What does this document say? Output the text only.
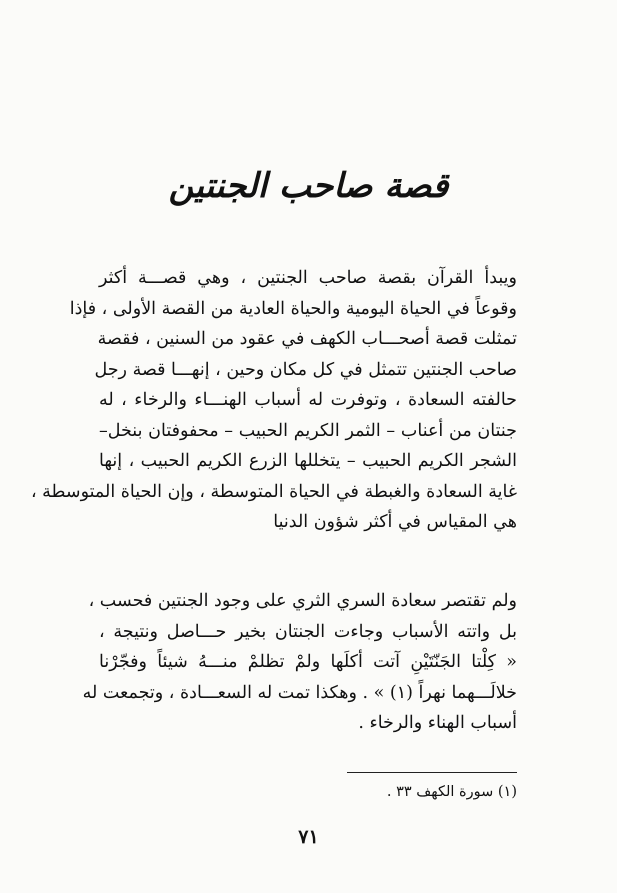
قصة صاحب الجنتين
ويبدأ القرآن بقصة صاحب الجنتين ، وهي قصـــة أكثر
وقوعاً في الحياة اليومية والحياة العادية من القصة الأولى ، فإذا
تمثلت قصة أصحـــاب الكهف في عقود من السنين ، فقصة
صاحب الجنتين تتمثل في كل مكان وحين ، إنهـــا قصة رجل
حالفته السعادة ، وتوفرت له أسباب الهنـــاء والرخاء ، له
جنتان من أعناب – الثمر الكريم الحبيب – محفوفتان بنخل–
الشجر الكريم الحبيب – يتخللها الزرع الكريم الحبيب ، إنها
غاية السعادة والغبطة في الحياة المتوسطة ، وإن الحياة المتوسطة ،
هي المقياس في أكثر شؤون الدنيا
ولم تقتصر سعادة السري الثري على وجود الجنتين فحسب ،
بل واتته الأسباب وجاءت الجنتان بخير حـــاصل ونتيجة ،
« كِلْتا الجَنّتَيْنِ آتت أكلَها ولمْ تظلمْ منـــهُ شيئاً وفجّرْنا
خلالَـــهما نهراً (١) » . وهكذا تمت له السعـــادة ، وتجمعت له
أسباب الهناء والرخاء .
(١) سورة الكهف ٣٣ .
٧١
